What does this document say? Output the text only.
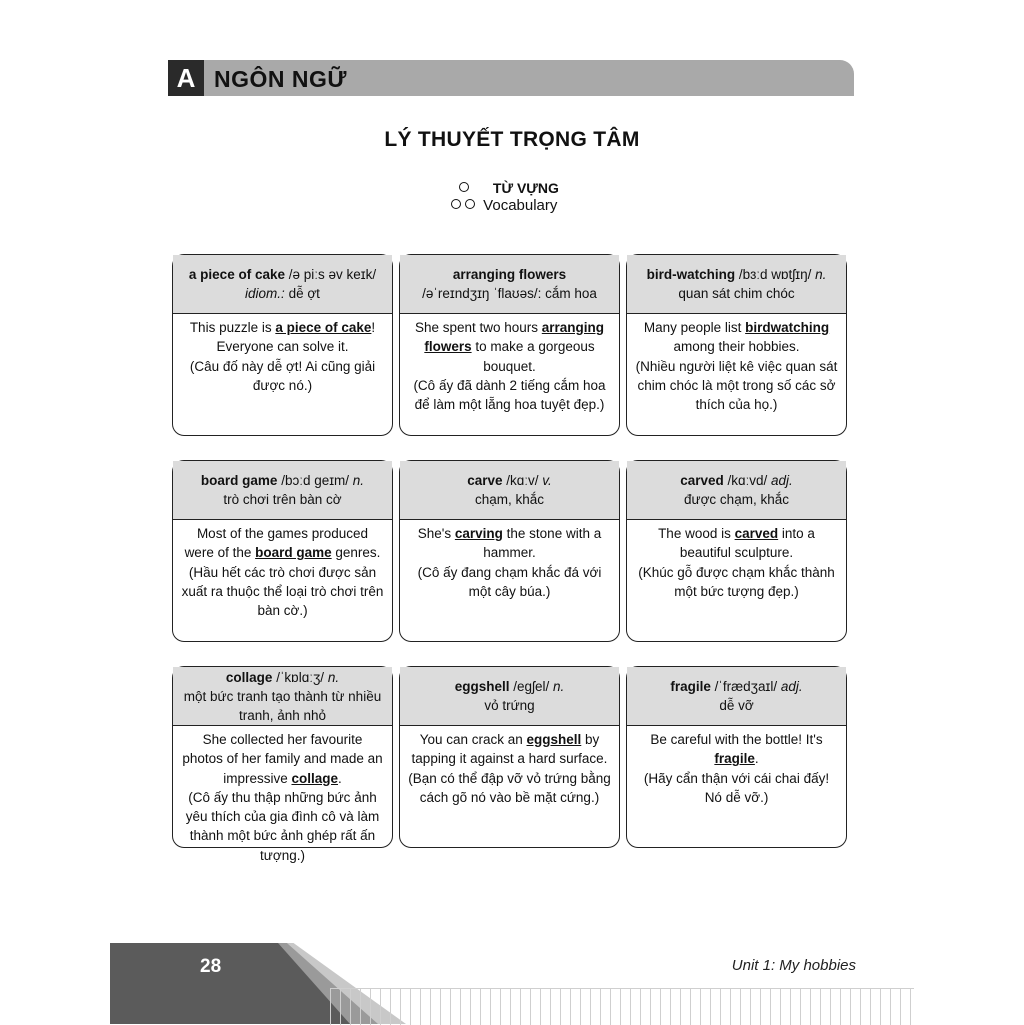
A NGÔN NGỮ
LÝ THUYẾT TRỌNG TÂM
TỪ VỰNG
Vocabulary
a piece of cake /ə piːs əv keɪk/
idiom.: dễ ợt
This puzzle is a piece of cake! Everyone can solve it.
(Câu đố này dễ ợt! Ai cũng giải được nó.)
arranging flowers
/əˈreɪndʒɪŋ ˈflaʊəs/: cắm hoa
She spent two hours arranging flowers to make a gorgeous bouquet.
(Cô ấy đã dành 2 tiếng cắm hoa để làm một lẵng hoa tuyệt đẹp.)
bird-watching /bɜːd wɒtʃɪŋ/ n.
quan sát chim chóc
Many people list birdwatching among their hobbies.
(Nhiều người liệt kê việc quan sát chim chóc là một trong số các sở thích của họ.)
board game /bɔːd geɪm/ n.
trò chơi trên bàn cờ
Most of the games produced were of the board game genres.
(Hầu hết các trò chơi được sản xuất ra thuộc thể loại trò chơi trên bàn cờ.)
carve /kɑːv/ v.
chạm, khắc
She's carving the stone with a hammer.
(Cô ấy đang chạm khắc đá với một cây búa.)
carved /kɑːvd/ adj.
được chạm, khắc
The wood is carved into a beautiful sculpture.
(Khúc gỗ được chạm khắc thành một bức tượng đẹp.)
collage /ˈkɒlɑːʒ/ n.
một bức tranh tạo thành từ nhiều tranh, ảnh nhỏ
She collected her favourite photos of her family and made an impressive collage.
(Cô ấy thu thập những bức ảnh yêu thích của gia đình cô và làm thành một bức ảnh ghép rất ấn tượng.)
eggshell /egʃel/ n.
vỏ trứng
You can crack an eggshell by tapping it against a hard surface.
(Bạn có thể đập vỡ vỏ trứng bằng cách gõ nó vào bề mặt cứng.)
fragile /ˈfrædʒaɪl/ adj.
dễ vỡ
Be careful with the bottle! It's fragile.
(Hãy cẩn thận với cái chai đấy! Nó dễ vỡ.)
28	Unit 1: My hobbies
